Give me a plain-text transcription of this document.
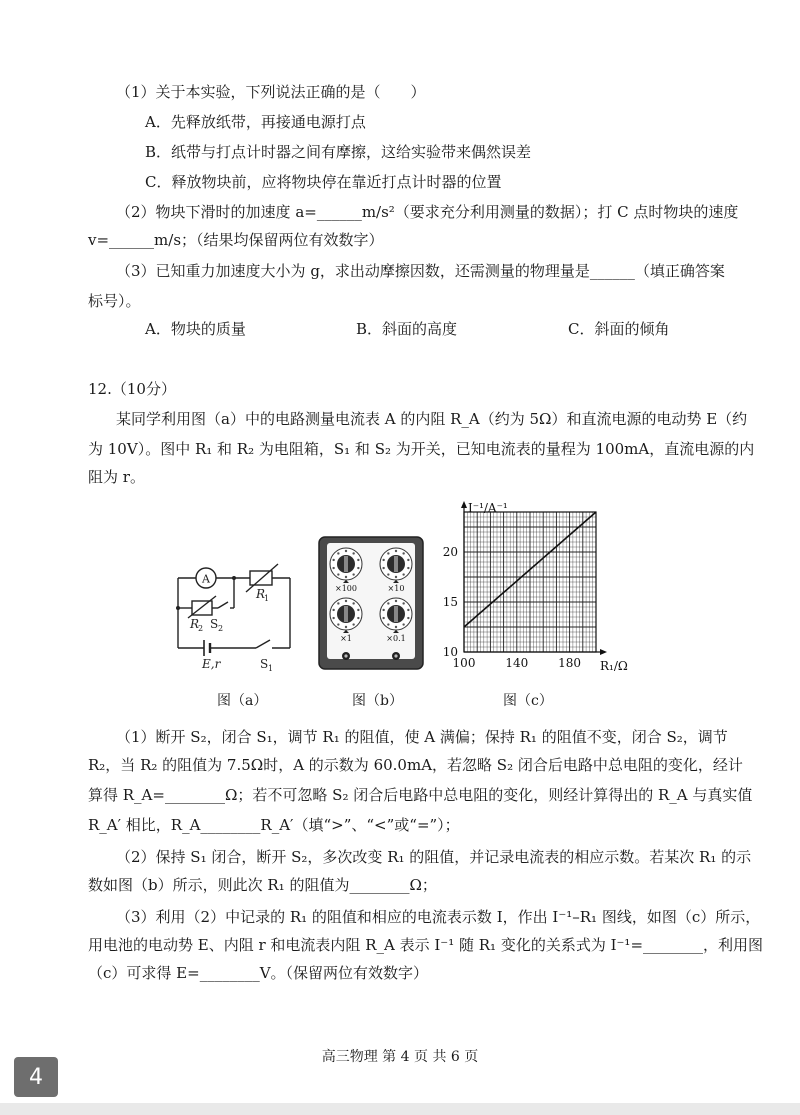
（1）关于本实验，下列说法正确的是（　　）
A．先释放纸带，再接通电源打点
B．纸带与打点计时器之间有摩擦，这给实验带来偶然误差
C．释放物块前，应将物块停在靠近打点计时器的位置
（2）物块下滑时的加速度 a=______m/s²（要求充分利用测量的数据）；打 C 点时物块的速度
v=______m/s；（结果均保留两位有效数字）
（3）已知重力加速度大小为 g，求出动摩擦因数，还需测量的物理量是______（填正确答案
标号）。
A．物块的质量	B．斜面的高度	C．斜面的倾角
12.（10分）
某同学利用图（a）中的电路测量电流表 A 的内阻 R_A（约为 5Ω）和直流电源的电动势 E（约
为 10V）。图中 R₁ 和 R₂ 为电阻箱，S₁ 和 S₂ 为开关，已知电流表的量程为 100mA，直流电源的内
阻为 r。
A
R
1
R
2 S 2
E,r	S 1
×100	×10
×1	×0.1
100 140 180
10
15
20
I⁻¹/A⁻¹
R₁/Ω
图（a）	图（b）	图（c）
（1）断开 S₂，闭合 S₁，调节 R₁ 的阻值，使 A 满偏；保持 R₁ 的阻值不变，闭合 S₂，调节
R₂，当 R₂ 的阻值为 7.5Ω时，A 的示数为 60.0mA，若忽略 S₂ 闭合后电路中总电阻的变化，经计
算得 R_A=________Ω；若不可忽略 S₂ 闭合后电路中总电阻的变化，则经计算得出的 R_A 与真实值
R_A′ 相比，R_A________R_A′（填“>”、“<”或“=”）；
（2）保持 S₁ 闭合，断开 S₂，多次改变 R₁ 的阻值，并记录电流表的相应示数。若某次 R₁ 的示
数如图（b）所示，则此次 R₁ 的阻值为________Ω；
（3）利用（2）中记录的 R₁ 的阻值和相应的电流表示数 I，作出 I⁻¹–R₁ 图线，如图（c）所示，
用电池的电动势 E、内阻 r 和电流表内阻 R_A 表示 I⁻¹ 随 R₁ 变化的关系式为 I⁻¹=________，利用图
（c）可求得 E=________V。（保留两位有效数字）
高三物理 第 4 页 共 6 页
4
